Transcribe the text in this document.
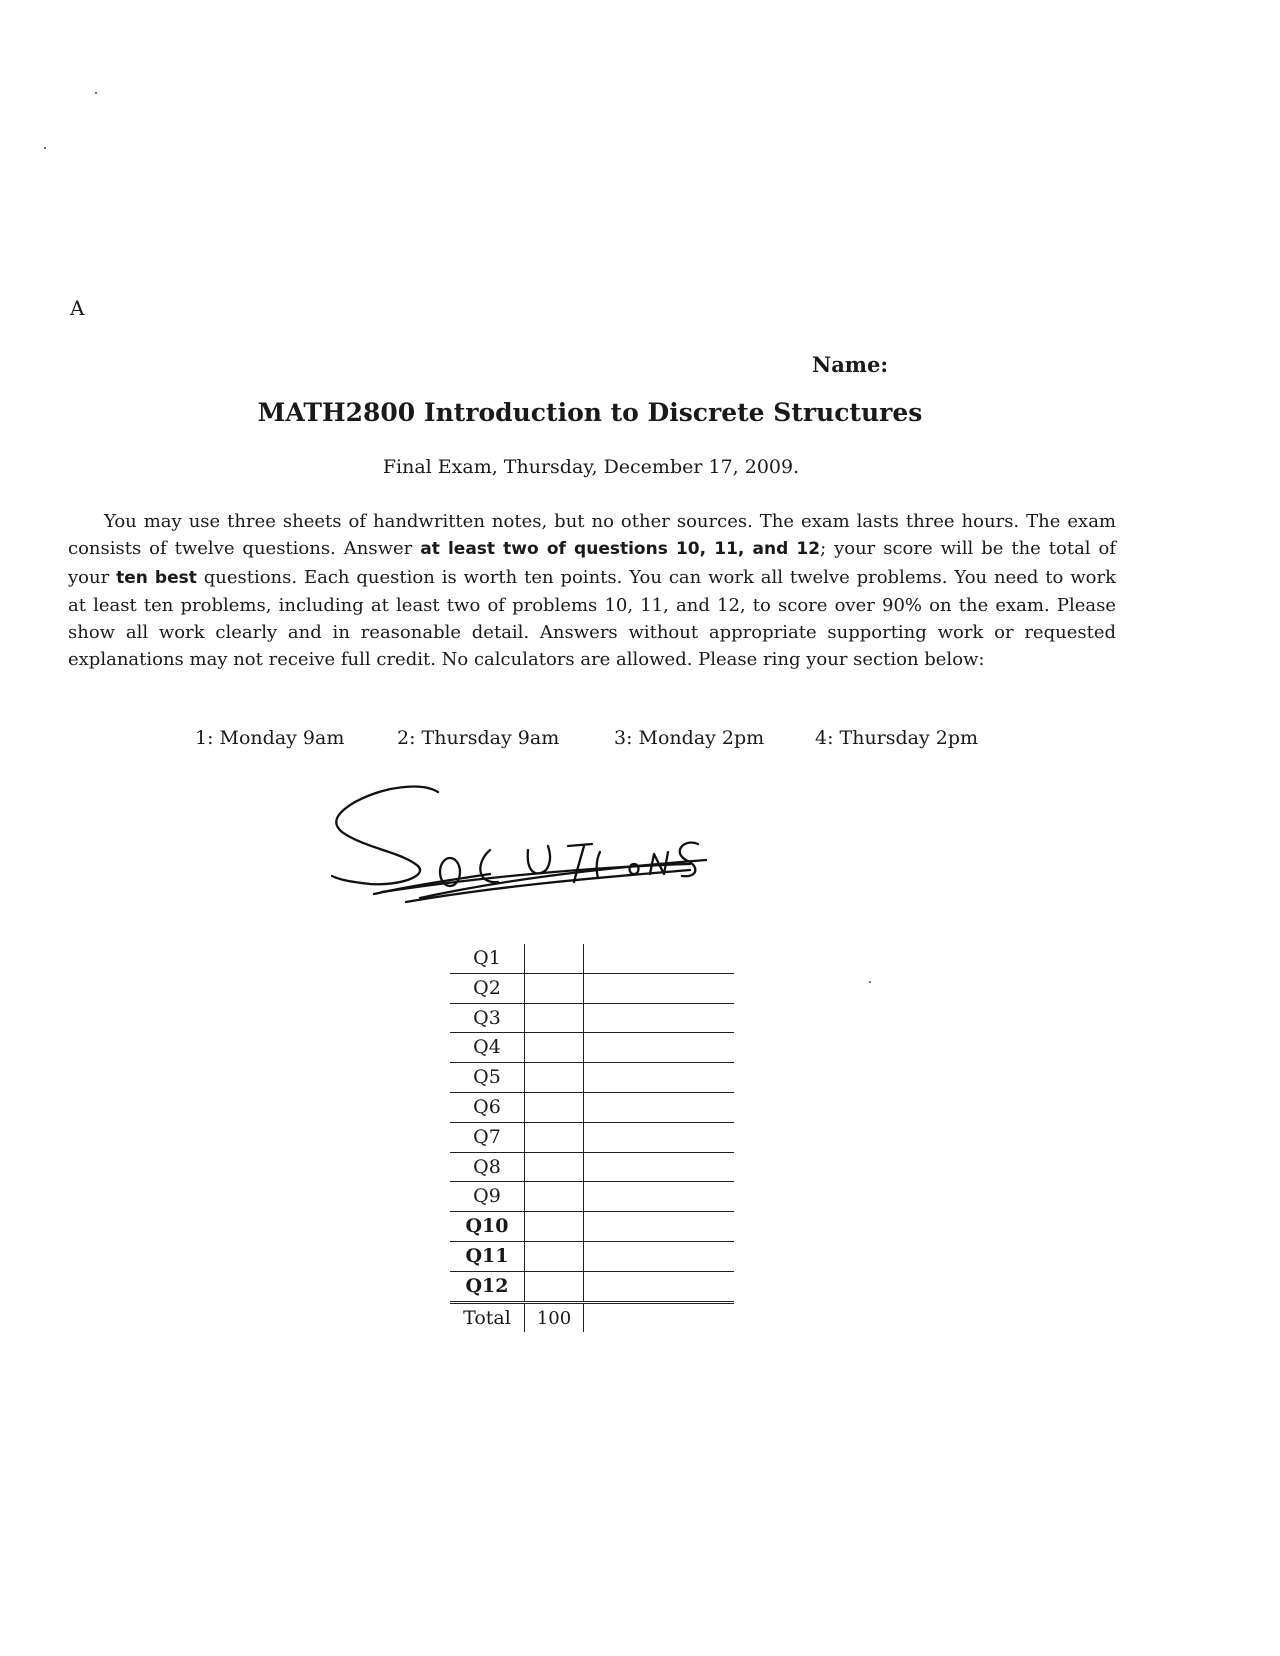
A
Name:
MATH2800 Introduction to Discrete Structures
Final Exam, Thursday, December 17, 2009.

You may use three sheets of handwritten notes, but no other sources. The exam lasts three hours. The exam consists of twelve questions. Answer at least two of questions 10, 11, and 12; your score will be the total of your ten best questions. Each question is worth ten points. You can work all twelve problems. You need to work at least ten problems, including at least two of problems 10, 11, and 12, to score over 90% on the exam. Please show all work clearly and in reasonable detail. Answers without appropriate supporting work or requested explanations may not receive full credit. No calculators are allowed. Please ring your section below:

1: Monday 9am	2: Thursday 9am	3: Monday 2pm	4: Thursday 2pm
Q1
Q2
Q3
Q4
Q5
Q6
Q7
Q8
Q9
Q10
Q11
Q12
Total	100
